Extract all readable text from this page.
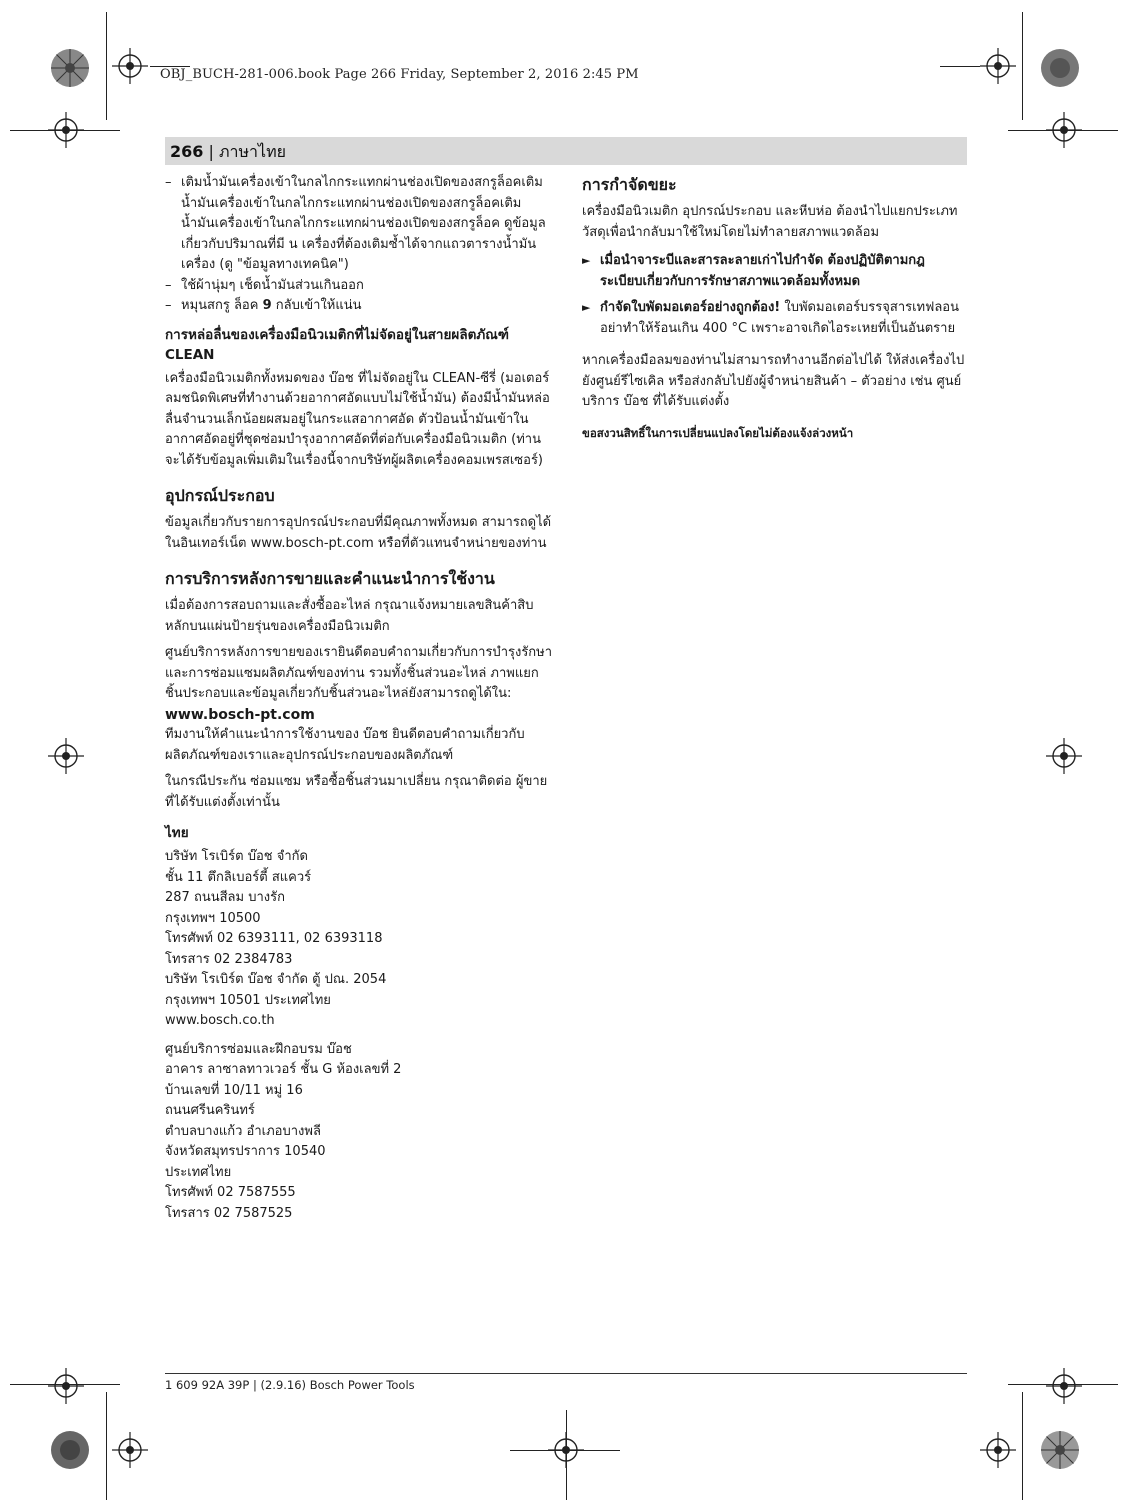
OBJ_BUCH-281-006.book Page 266 Friday, September 2, 2016 2:45 PM
266 | ภาษาไทย
– เติมน้ำมันเครื่องเข้าในกลไกกระแทกผ่านช่องเปิดของสกรูล็อคเติมน้ำมันเครื่องเข้าในกลไกกระแทกผ่านช่องเปิดของสกรูล็อคเติมน้ำมันเครื่องเข้าในกลไกกระแทกผ่านช่องเปิดของสกรูล็อค ดูข้อมูลเกี่ยวกับปริมาณที่มี น เครื่องที่ต้องเติมซ้ำได้จากแถวตารางน้ำมันเครื่อง (ดู "ข้อมูลทางเทคนิค")
– ใช้ผ้านุ่มๆ เช็ดน้ำมันส่วนเกินออก
– หมุนสกรู ล็อค 9 กลับเข้าให้แน่น
การหล่อลื่นของเครื่องมือนิวเมติกที่ไม่จัดอยู่ในสายผลิตภัณฑ์ CLEAN

เครื่องมือนิวเมติกทั้งหมดของ บ๊อช ที่ไม่จัดอยู่ใน CLEAN-ซีรี่ (มอเตอร์ลมชนิดพิเศษที่ทำงานด้วยอากาศอัดแบบไม่ใช้น้ำมัน) ต้องมีน้ำมันหล่อลื่นจำนวนเล็กน้อยผสมอยู่ในกระแสอากาศอัด ตัวป้อนน้ำมันเข้าในอากาศอัดอยู่ที่ชุดซ่อมบำรุงอากาศอัดที่ต่อกับเครื่องมือนิวเมติก (ท่านจะได้รับข้อมูลเพิ่มเติมในเรื่องนี้จากบริษัทผู้ผลิตเครื่องคอมเพรสเซอร์)

อุปกรณ์ประกอบ

ข้อมูลเกี่ยวกับรายการอุปกรณ์ประกอบที่มีคุณภาพทั้งหมด สามารถดูได้ในอินเทอร์เน็ต www.bosch-pt.com หรือที่ตัวแทนจำหน่ายของท่าน

การบริการหลังการขายและคำแนะนำการใช้งาน

เมื่อต้องการสอบถามและสั่งซื้ออะไหล่ กรุณาแจ้งหมายเลขสินค้าสิบหลักบนแผ่นป้ายรุ่นของเครื่องมือนิวเมติก

ศูนย์บริการหลังการขายของเรายินดีตอบคำถามเกี่ยวกับการบำรุงรักษาและการซ่อมแซมผลิตภัณฑ์ของท่าน รวมทั้งชิ้นส่วนอะไหล่ ภาพแยกชิ้นประกอบและข้อมูลเกี่ยวกับชิ้นส่วนอะไหล่ยังสามารถดูได้ใน:

www.bosch-pt.com

ทีมงานให้คำแนะนำการใช้งานของ บ๊อช ยินดีตอบคำถามเกี่ยวกับผลิตภัณฑ์ของเราและอุปกรณ์ประกอบของผลิตภัณฑ์

ในกรณีประกัน ซ่อมแซม หรือซื้อชิ้นส่วนมาเปลี่ยน กรุณาติดต่อ ผู้ขายที่ได้รับแต่งตั้งเท่านั้น

ไทย

บริษัท โรเบิร์ต บ๊อช จำกัด

ชั้น 11 ตึกลิเบอร์ตี้ สแควร์

287 ถนนสีลม บางรัก

กรุงเทพฯ 10500

โทรศัพท์ 02 6393111, 02 6393118

โทรสาร 02 2384783

บริษัท โรเบิร์ต บ๊อช จำกัด ตู้ ปณ. 2054

กรุงเทพฯ 10501 ประเทศไทย

www.bosch.co.th

ศูนย์บริการซ่อมและฝึกอบรม บ๊อช

อาคาร ลาซาลทาวเวอร์ ชั้น G ห้องเลขที่ 2

บ้านเลขที่ 10/11 หมู่ 16

ถนนศรีนครินทร์

ตำบลบางแก้ว อำเภอบางพลี

จังหวัดสมุทรปราการ 10540

ประเทศไทย

โทรศัพท์ 02 7587555

โทรสาร 02 7587525

การกำจัดขยะ

เครื่องมือนิวเมติก อุปกรณ์ประกอบ และหีบห่อ ต้องนำไปแยกประเภทวัสดุเพื่อนำกลับมาใช้ใหม่โดยไม่ทำลายสภาพแวดล้อม

► เมื่อนำจาระบีและสารละลายเก่าไปกำจัด ต้องปฏิบัติตามกฎระเบียบเกี่ยวกับการรักษาสภาพแวดล้อมทั้งหมด
► กำจัดใบพัดมอเตอร์อย่างถูกต้อง! ใบพัดมอเตอร์บรรจุสารเทฟลอน อย่าทำให้ร้อนเกิน 400 °C เพราะอาจเกิดไอระเหยที่เป็นอันตราย

หากเครื่องมือลมของท่านไม่สามารถทำงานอีกต่อไปได้ ให้ส่งเครื่องไปยังศูนย์รีไซเคิล หรือส่งกลับไปยังผู้จำหน่ายสินค้า – ตัวอย่าง เช่น ศูนย์บริการ บ๊อช ที่ได้รับแต่งตั้ง

ขอสงวนสิทธิ์ในการเปลี่ยนแปลงโดยไม่ต้องแจ้งล่วงหน้า

1 609 92A 39P | (2.9.16) Bosch Power Tools
